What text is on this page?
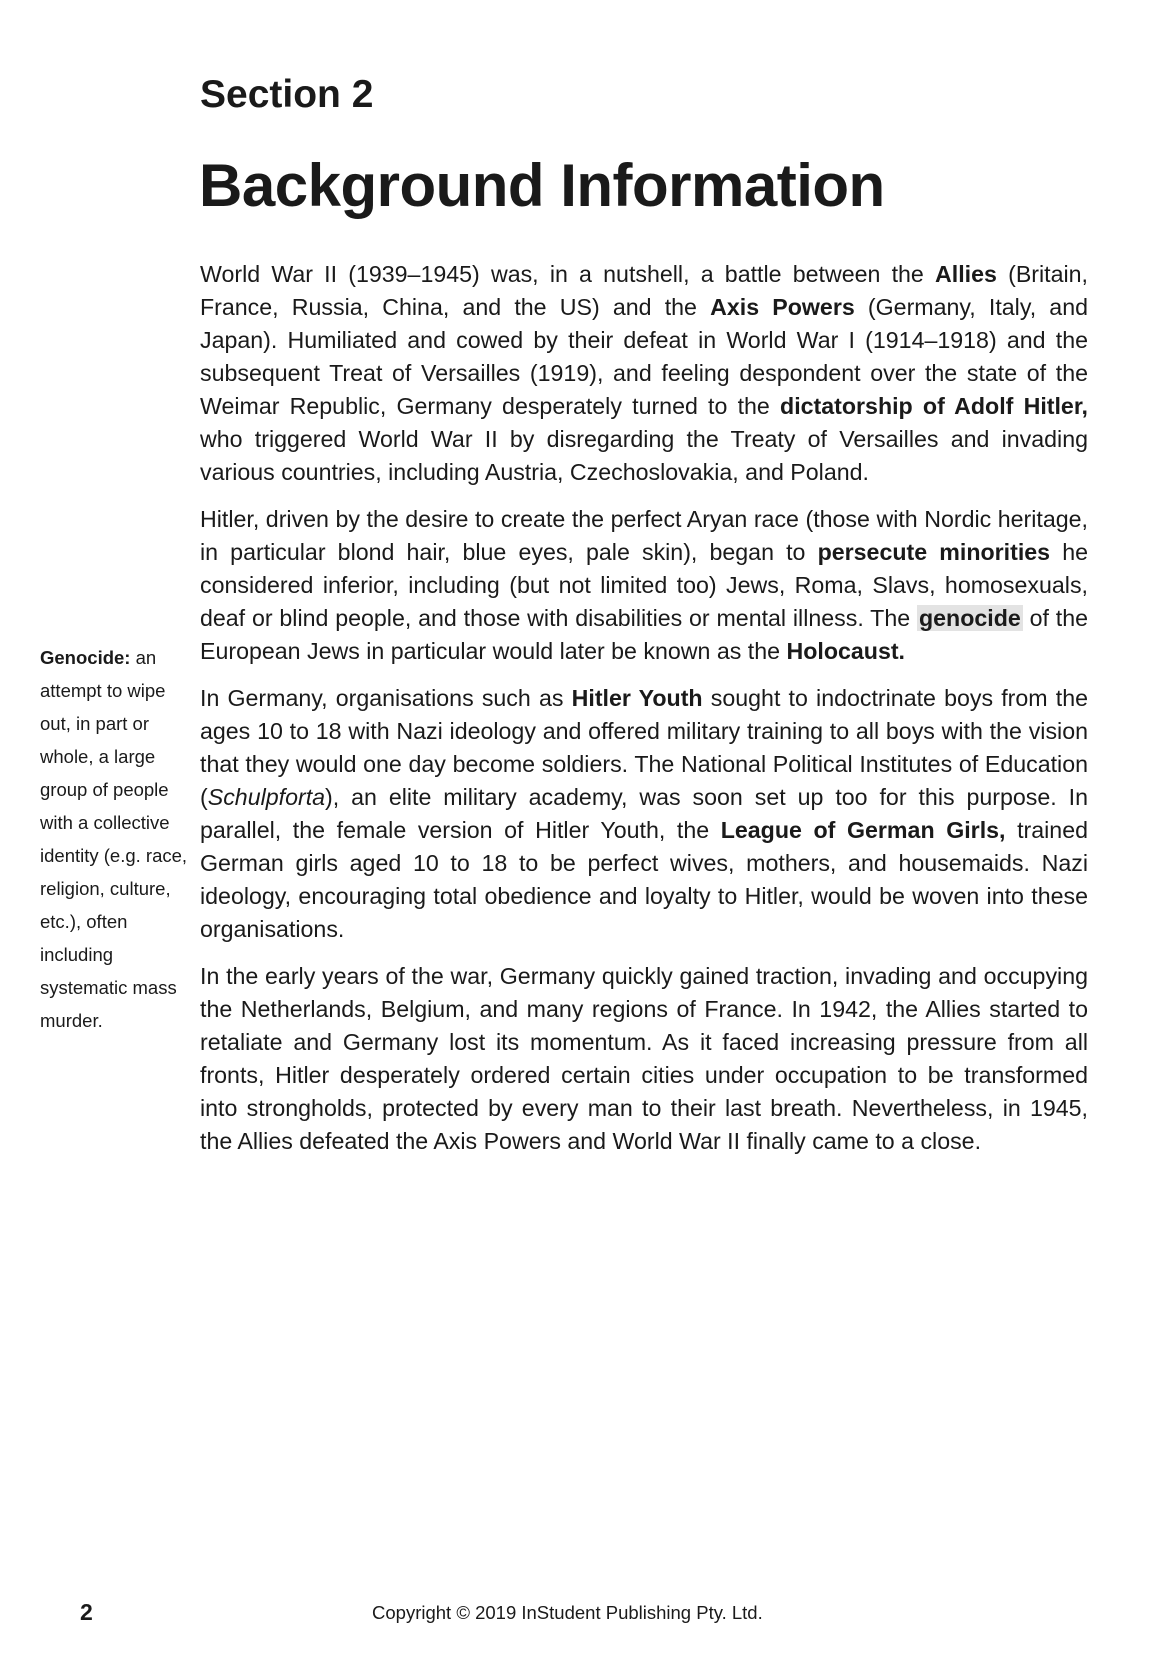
Section 2
Background Information

World War II (1939–1945) was, in a nutshell, a battle between the Allies (Britain, France, Russia, China, and the US) and the Axis Powers (Germany, Italy, and Japan). Humiliated and cowed by their defeat in World War I (1914–1918) and the subsequent Treat of Versailles (1919), and feeling despondent over the state of the Weimar Republic, Germany desperately turned to the dictatorship of Adolf Hitler, who triggered World War II by disregarding the Treaty of Versailles and invading various countries, including Austria, Czechoslovakia, and Poland.

Hitler, driven by the desire to create the perfect Aryan race (those with Nordic heritage, in particular blond hair, blue eyes, pale skin), began to persecute minorities he considered inferior, including (but not limited too) Jews, Roma, Slavs, homosexuals, deaf or blind people, and those with disabilities or mental illness. The genocide of the European Jews in particular would later be known as the Holocaust.

In Germany, organisations such as Hitler Youth sought to indoctrinate boys from the ages 10 to 18 with Nazi ideology and offered military training to all boys with the vision that they would one day become soldiers. The National Political Institutes of Education (Schulpforta), an elite military academy, was soon set up too for this purpose. In parallel, the female version of Hitler Youth, the League of German Girls, trained German girls aged 10 to 18 to be perfect wives, mothers, and housemaids. Nazi ideology, encouraging total obedience and loyalty to Hitler, would be woven into these organisations.

In the early years of the war, Germany quickly gained traction, invading and occupying the Netherlands, Belgium, and many regions of France. In 1942, the Allies started to retaliate and Germany lost its momentum. As it faced increasing pressure from all fronts, Hitler desperately ordered certain cities under occupation to be transformed into strongholds, protected by every man to their last breath. Nevertheless, in 1945, the Allies defeated the Axis Powers and World War II finally came to a close.

Genocide: an attempt to wipe out, in part or whole, a large group of people with a collective identity (e.g. race, religion, culture, etc.), often including systematic mass murder.
2	Copyright © 2019 InStudent Publishing Pty. Ltd.
